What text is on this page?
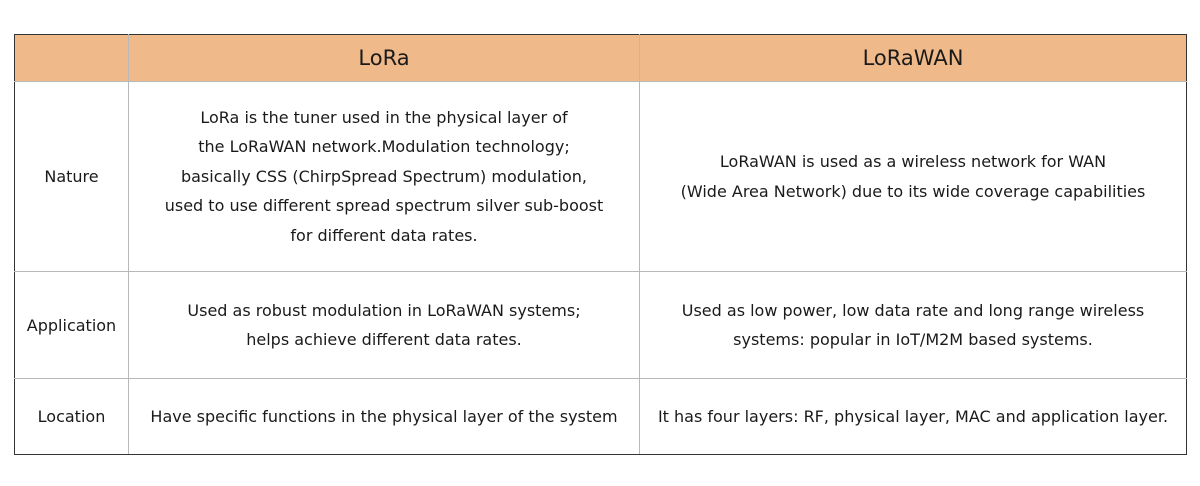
	LoRa	LoRaWAN
Nature	LoRa is the tuner used in the physical layer of
the LoRaWAN network.Modulation technology;
basically CSS (ChirpSpread Spectrum) modulation,
used to use different spread spectrum silver sub-boost
for different data rates.	LoRaWAN is used as a wireless network for WAN
(Wide Area Network) due to its wide coverage capabilities

Application	Used as robust modulation in LoRaWAN systems;
helps achieve different data rates.	Used as low power, low data rate and long range wireless
systems: popular in IoT/M2M based systems.

Location	Have specific functions in the physical layer of the system	It has four layers: RF, physical layer, MAC and application layer.
